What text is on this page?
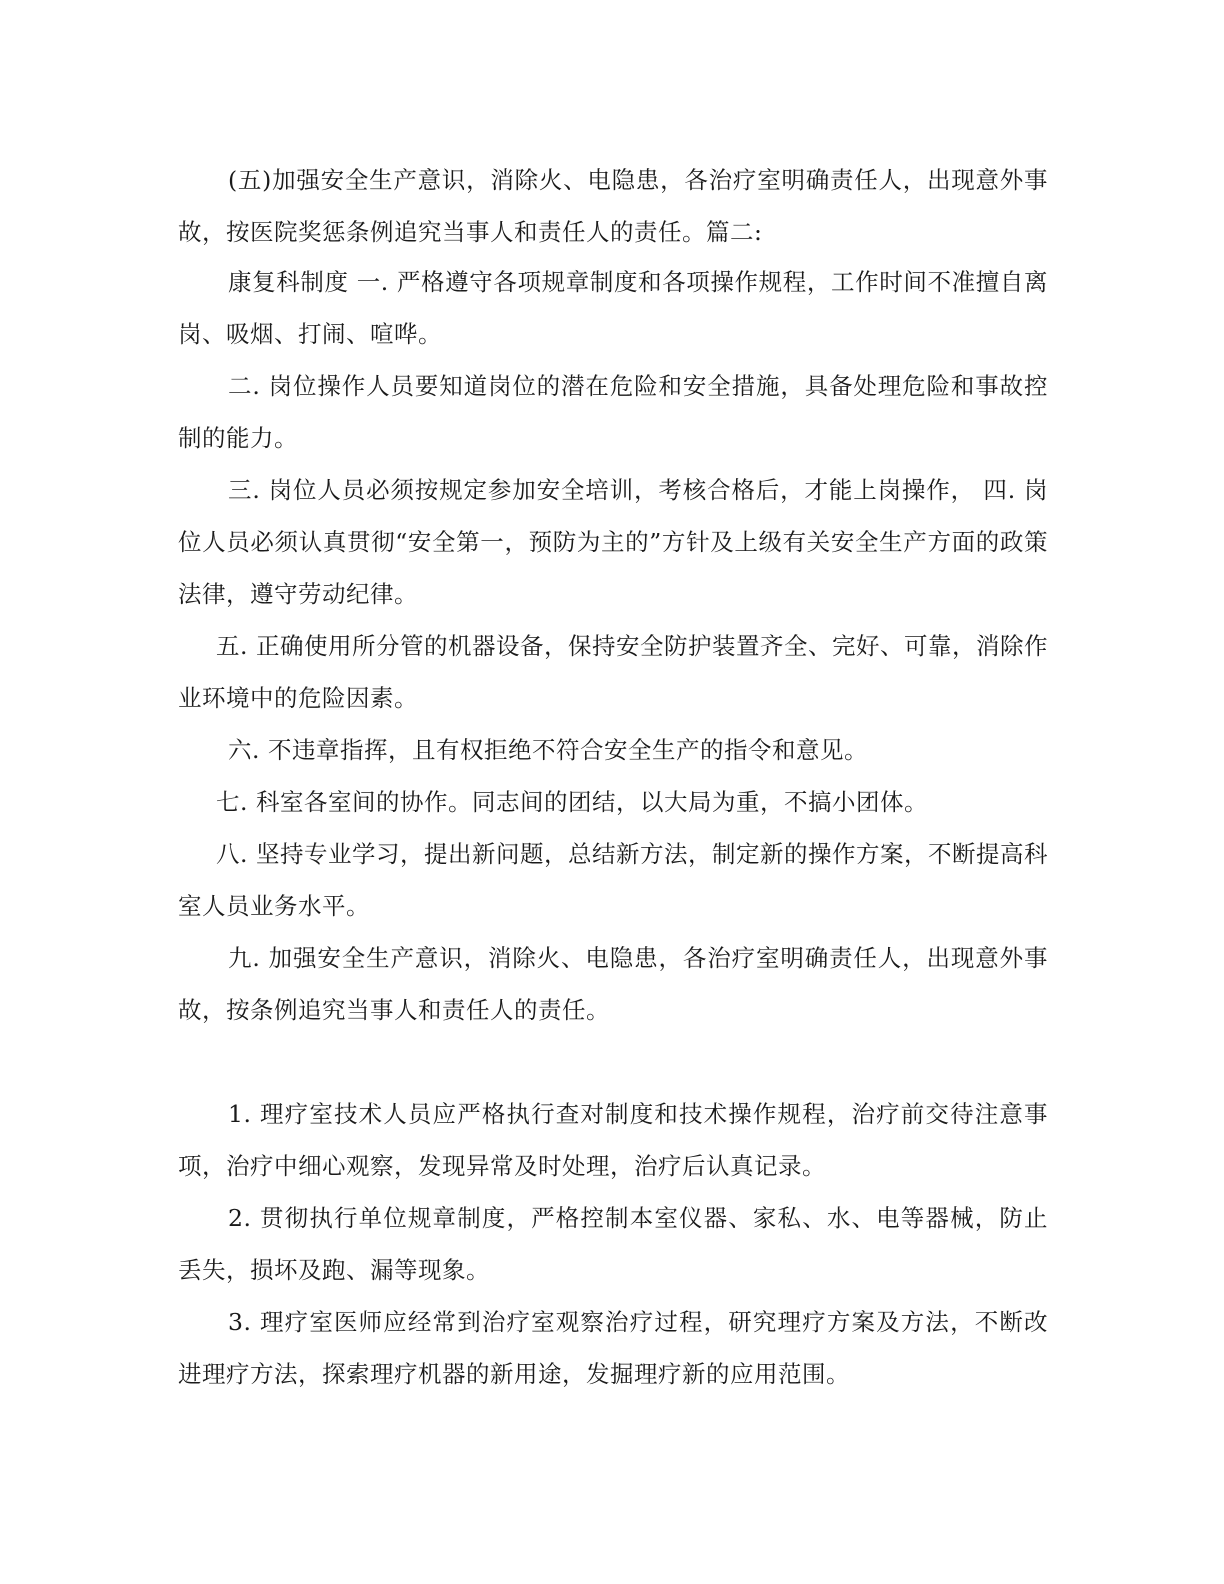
(五)加强安全生产意识，消除火、电隐患，各治疗室明确责任人，出现意外事故，按医院奖惩条例追究当事人和责任人的责任。篇二:

康复科制度 一. 严格遵守各项规章制度和各项操作规程，工作时间不准擅自离岗、吸烟、打闹、喧哗。

二. 岗位操作人员要知道岗位的潜在危险和安全措施，具备处理危险和事故控制的能力。

三. 岗位人员必须按规定参加安全培训，考核合格后，才能上岗操作， 四. 岗位人员必须认真贯彻“安全第一，预防为主的”方针及上级有关安全生产方面的政策法律，遵守劳动纪律。

五. 正确使用所分管的机器设备，保持安全防护装置齐全、完好、可靠，消除作业环境中的危险因素。

六. 不违章指挥，且有权拒绝不符合安全生产的指令和意见。

七. 科室各室间的协作。同志间的团结，以大局为重，不搞小团体。

八. 坚持专业学习，提出新问题，总结新方法，制定新的操作方案，不断提高科室人员业务水平。

九. 加强安全生产意识，消除火、电隐患，各治疗室明确责任人，出现意外事故，按条例追究当事人和责任人的责任。

1. 理疗室技术人员应严格执行查对制度和技术操作规程，治疗前交待注意事项，治疗中细心观察，发现异常及时处理，治疗后认真记录。

2. 贯彻执行单位规章制度，严格控制本室仪器、家私、水、电等器械，防止丢失，损坏及跑、漏等现象。

3. 理疗室医师应经常到治疗室观察治疗过程，研究理疗方案及方法，不断改进理疗方法，探索理疗机器的新用途，发掘理疗新的应用范围。
